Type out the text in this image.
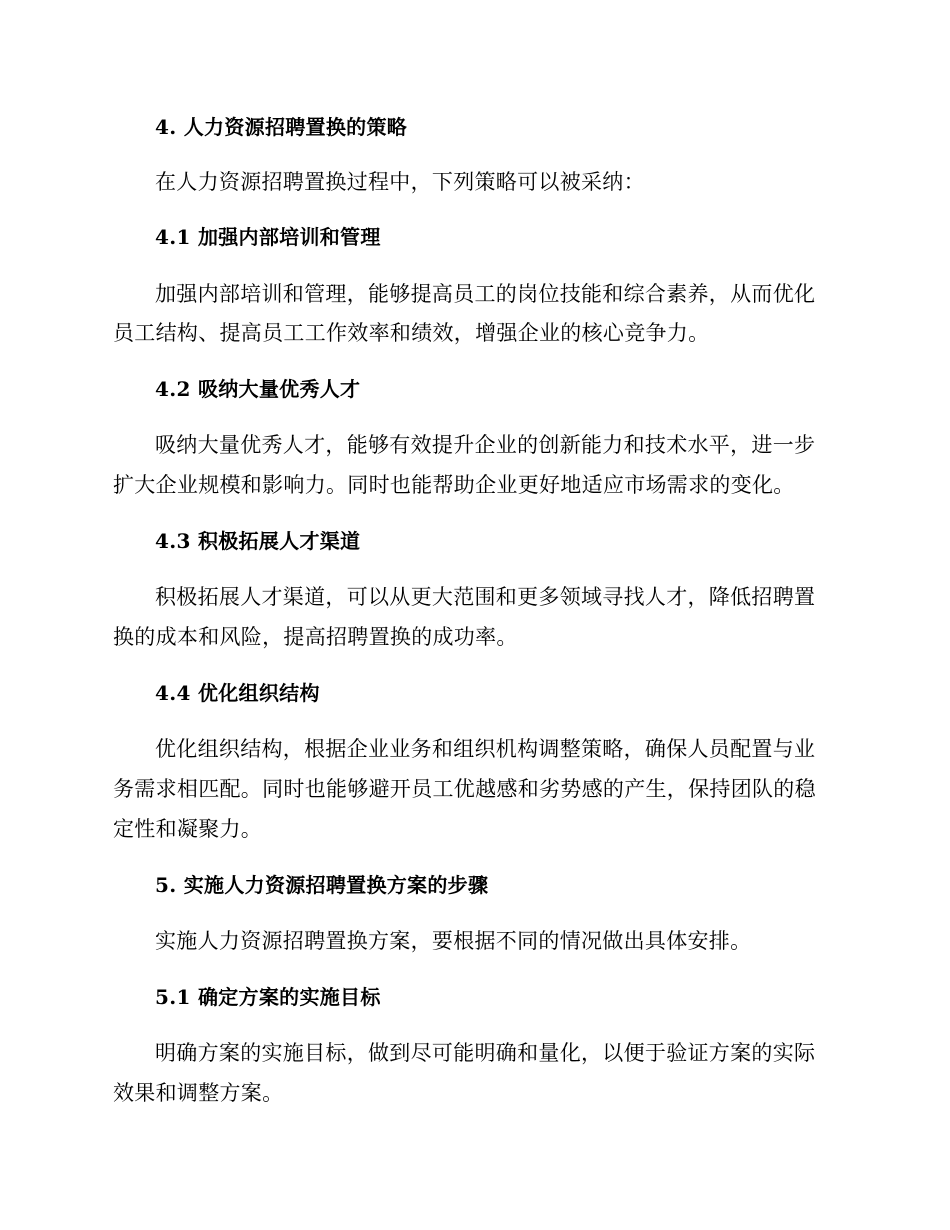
4. 人力资源招聘置换的策略
在人力资源招聘置换过程中，下列策略可以被采纳：
4.1 加强内部培训和管理
加强内部培训和管理，能够提高员工的岗位技能和综合素养，从而优化
员工结构、提高员工工作效率和绩效，增强企业的核心竞争力。
4.2 吸纳大量优秀人才
吸纳大量优秀人才，能够有效提升企业的创新能力和技术水平，进一步
扩大企业规模和影响力。同时也能帮助企业更好地适应市场需求的变化。
4.3 积极拓展人才渠道
积极拓展人才渠道，可以从更大范围和更多领域寻找人才，降低招聘置
换的成本和风险，提高招聘置换的成功率。
4.4 优化组织结构
优化组织结构，根据企业业务和组织机构调整策略，确保人员配置与业
务需求相匹配。同时也能够避开员工优越感和劣势感的产生，保持团队的稳
定性和凝聚力。
5. 实施人力资源招聘置换方案的步骤
实施人力资源招聘置换方案，要根据不同的情况做出具体安排。
5.1 确定方案的实施目标
明确方案的实施目标，做到尽可能明确和量化，以便于验证方案的实际
效果和调整方案。
